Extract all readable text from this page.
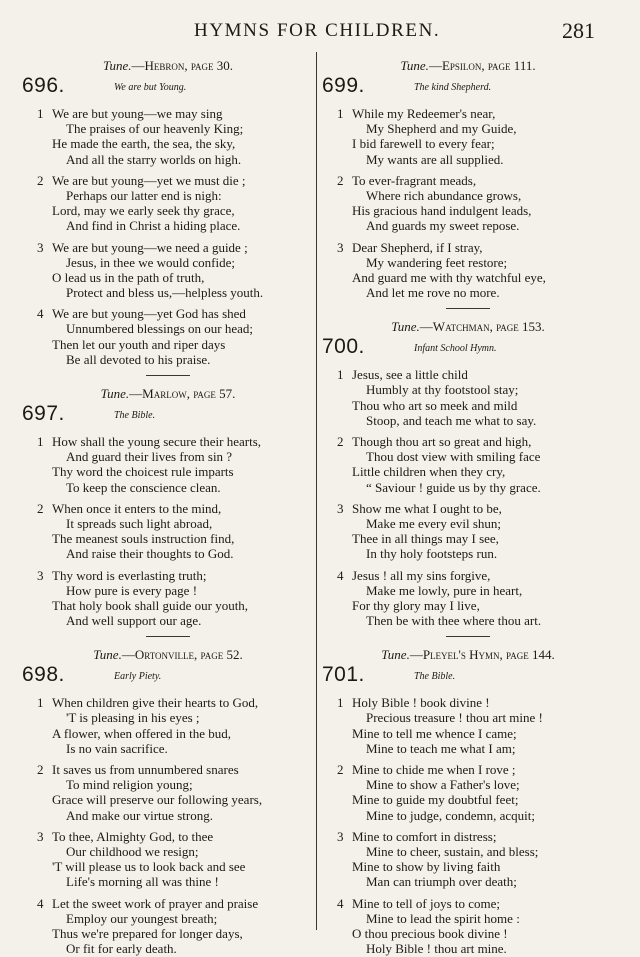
HYMNS FOR CHILDREN.	281
Tune.—Hebron, page 30.
696.	We are but Young.
1 We are but young—we may sing
The praises of our heavenly King;
He made the earth, the sea, the sky,
And all the starry worlds on high.
2 We are but young—yet we must die ;
Perhaps our latter end is nigh:
Lord, may we early seek thy grace,
And find in Christ a hiding place.
3 We are but young—we need a guide ;
Jesus, in thee we would confide;
O lead us in the path of truth,
Protect and bless us,—helpless youth.
4 We are but young—yet God has shed
Unnumbered blessings on our head;
Then let our youth and riper days
Be all devoted to his praise.
Tune.—Marlow, page 57.
697.	The Bible.
1 How shall the young secure their hearts,
And guard their lives from sin ?
Thy word the choicest rule imparts
To keep the conscience clean.
2 When once it enters to the mind,
It spreads such light abroad,
The meanest souls instruction find,
And raise their thoughts to God.
3 Thy word is everlasting truth;
How pure is every page !
That holy book shall guide our youth,
And well support our age.
Tune.—Ortonville, page 52.
698.	Early Piety.
1 When children give their hearts to God,
'T is pleasing in his eyes ;
A flower, when offered in the bud,
Is no vain sacrifice.
2 It saves us from unnumbered snares
To mind religion young;
Grace will preserve our following years,
And make our virtue strong.
3 To thee, Almighty God, to thee
Our childhood we resign;
'T will please us to look back and see
Life's morning all was thine !
4 Let the sweet work of prayer and praise
Employ our youngest breath;
Thus we're prepared for longer days,
Or fit for early death.
Tune.—Epsilon, page 111.
699.	The kind Shepherd.
1 While my Redeemer's near,
My Shepherd and my Guide,
I bid farewell to every fear;
My wants are all supplied.
2 To ever-fragrant meads,
Where rich abundance grows,
His gracious hand indulgent leads,
And guards my sweet repose.
3 Dear Shepherd, if I stray,
My wandering feet restore;
And guard me with thy watchful eye,
And let me rove no more.
Tune.—Watchman, page 153.
700.	Infant School Hymn.
1 Jesus, see a little child
Humbly at thy footstool stay;
Thou who art so meek and mild
Stoop, and teach me what to say.
2 Though thou art so great and high,
Thou dost view with smiling face
Little children when they cry,
“ Saviour ! guide us by thy grace.
3 Show me what I ought to be,
Make me every evil shun;
Thee in all things may I see,
In thy holy footsteps run.
4 Jesus ! all my sins forgive,
Make me lowly, pure in heart,
For thy glory may I live,
Then be with thee where thou art.
Tune.—Pleyel's Hymn, page 144.
701.	The Bible.
1 Holy Bible ! book divine !
Precious treasure ! thou art mine !
Mine to tell me whence I came;
Mine to teach me what I am;
2 Mine to chide me when I rove ;
Mine to show a Father's love;
Mine to guide my doubtful feet;
Mine to judge, condemn, acquit;
3 Mine to comfort in distress;
Mine to cheer, sustain, and bless;
Mine to show by living faith
Man can triumph over death;
4 Mine to tell of joys to come;
Mine to lead the spirit home :
O thou precious book divine !
Holy Bible ! thou art mine.
